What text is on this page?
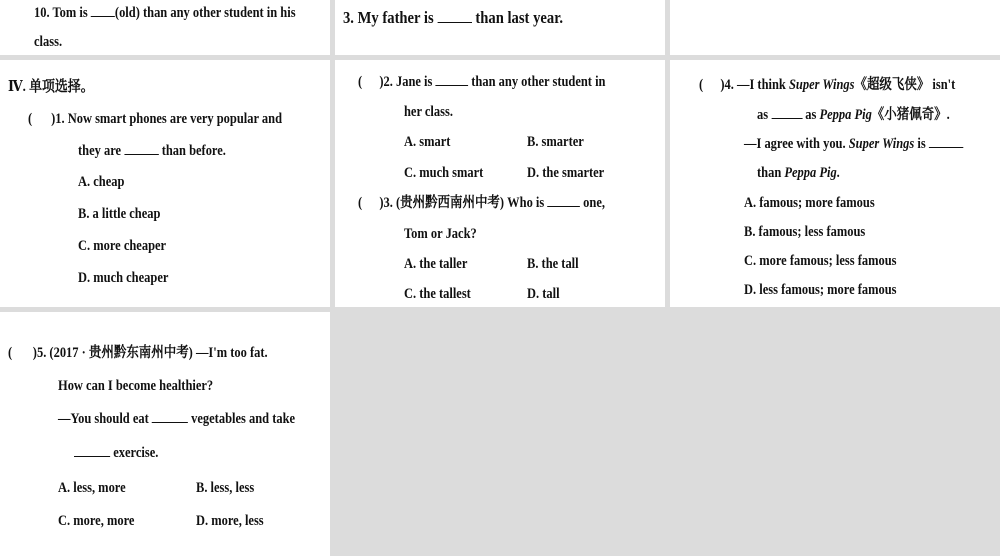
10. Tom is (old) than any other student in his
class.
3. My father is than last year.
Ⅳ. 单项选择。
( )1. Now smart phones are very popular and
they are	than before.
A. cheap
B. a little cheap
C. more cheaper
D. much cheaper
( )2. Jane is	than any other student in
her class.
A. smart	B. smarter
C. much smart	D. the smarter
( )3. (贵州黔西南州中考) Who is	one,
Tom or Jack?
A. the taller	B. the tall
C. the tallest	D. tall
( )4. —I think Super Wings《超级飞侠》 isn't
as	as Peppa Pig《小猪佩奇》.
—I agree with you. Super Wings is
than Peppa Pig.
A. famous; more famous
B. famous; less famous
C. more famous; less famous
D. less famous; more famous
( )5. (2017 · 贵州黔东南州中考) —I'm too fat.
How can I become healthier?
—You should eat	vegetables and take
exercise.
A. less, more	B. less, less
C. more, more	D. more, less
